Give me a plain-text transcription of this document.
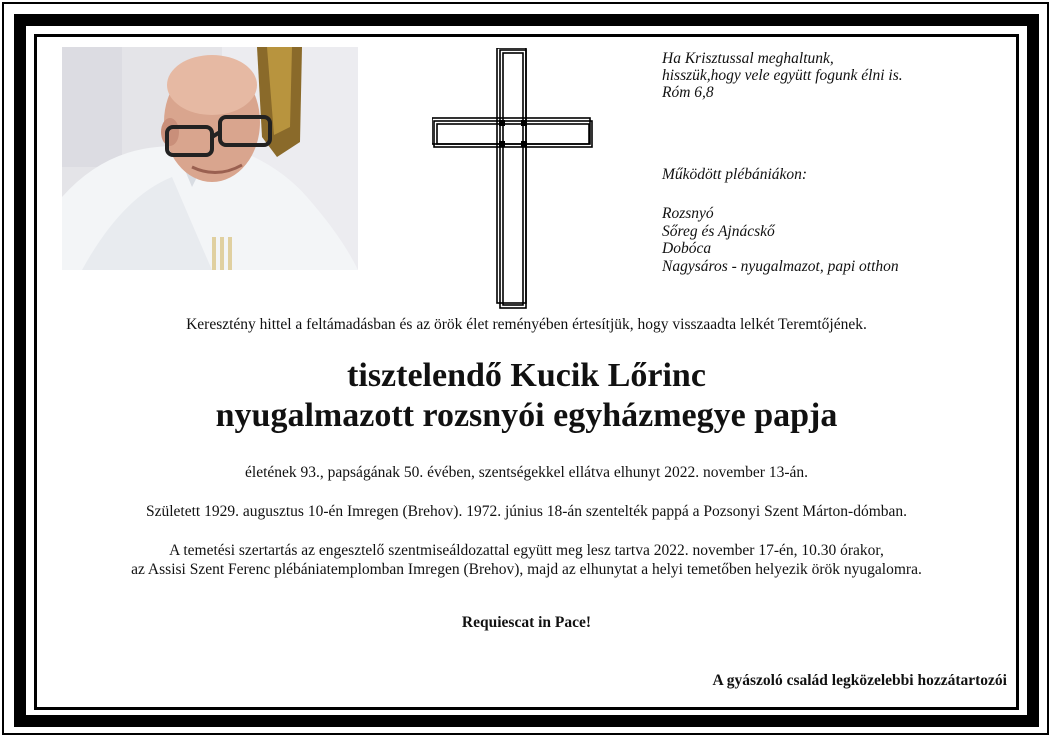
Ha Krisztussal meghaltunk,
hisszük,hogy vele együtt fogunk élni is.
Róm 6,8
Működött plébániákon:
Rozsnyó
Sőreg és Ajnácskő
Dobóca
Nagysáros - nyugalmazot, papi otthon
Keresztény hittel a feltámadásban és az örök élet reményében értesítjük, hogy visszaadta lelkét Teremtőjének.
tisztelendő Kucik Lőrinc
nyugalmazott rozsnyói egyházmegye papja
életének 93., papságának 50. évében, szentségekkel ellátva elhunyt 2022. november 13-án.
Született 1929. augusztus 10-én Imregen (Brehov). 1972. június 18-án szentelték pappá a Pozsonyi Szent Márton-dómban.
A temetési szertartás az engesztelő szentmiseáldozattal együtt meg lesz tartva 2022. november 17-én, 10.30 órakor,
az Assisi Szent Ferenc plébániatemplomban Imregen (Brehov), majd az elhunytat a helyi temetőben helyezik örök nyugalomra.
Requiescat in Pace!
A gyászoló család legközelebbi hozzátartozói
